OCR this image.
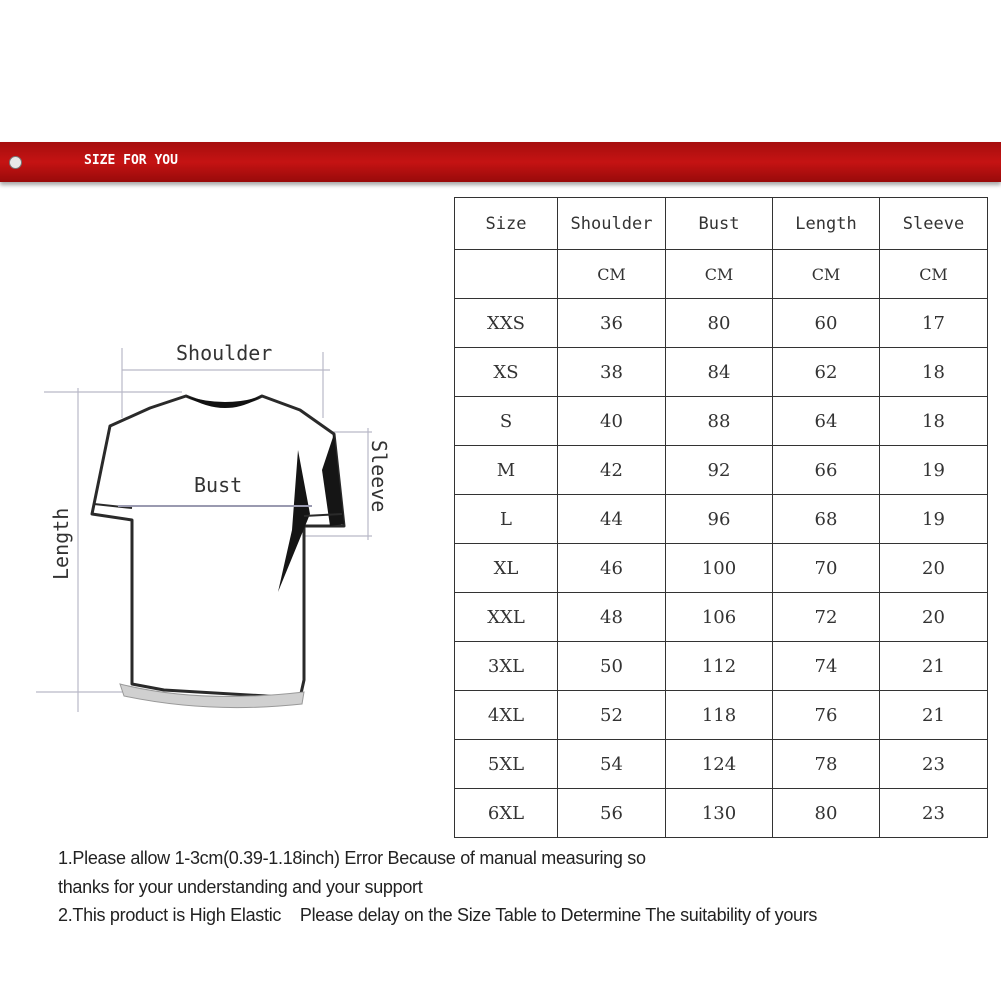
SIZE FOR YOU
Shoulder
Bust	Sleeve
Length
Size	Shoulder	Bust	Length	Sleeve
	CM	CM	CM	CM
XXS	36	80	60	17
XS	38	84	62	18
S	40	88	64	18
M	42	92	66	19
L	44	96	68	19
XL	46	100	70	20
XXL	48	106	72	20
3XL	50	112	74	21
4XL	52	118	76	21
5XL	54	124	78	23
6XL	56	130	80	23
1.Please allow 1-3cm(0.39-1.18inch) Error Because of manual measuring so
thanks for your understanding and your support
2.This product is High Elastic    Please delay on the Size Table to Determine The suitability of yours
